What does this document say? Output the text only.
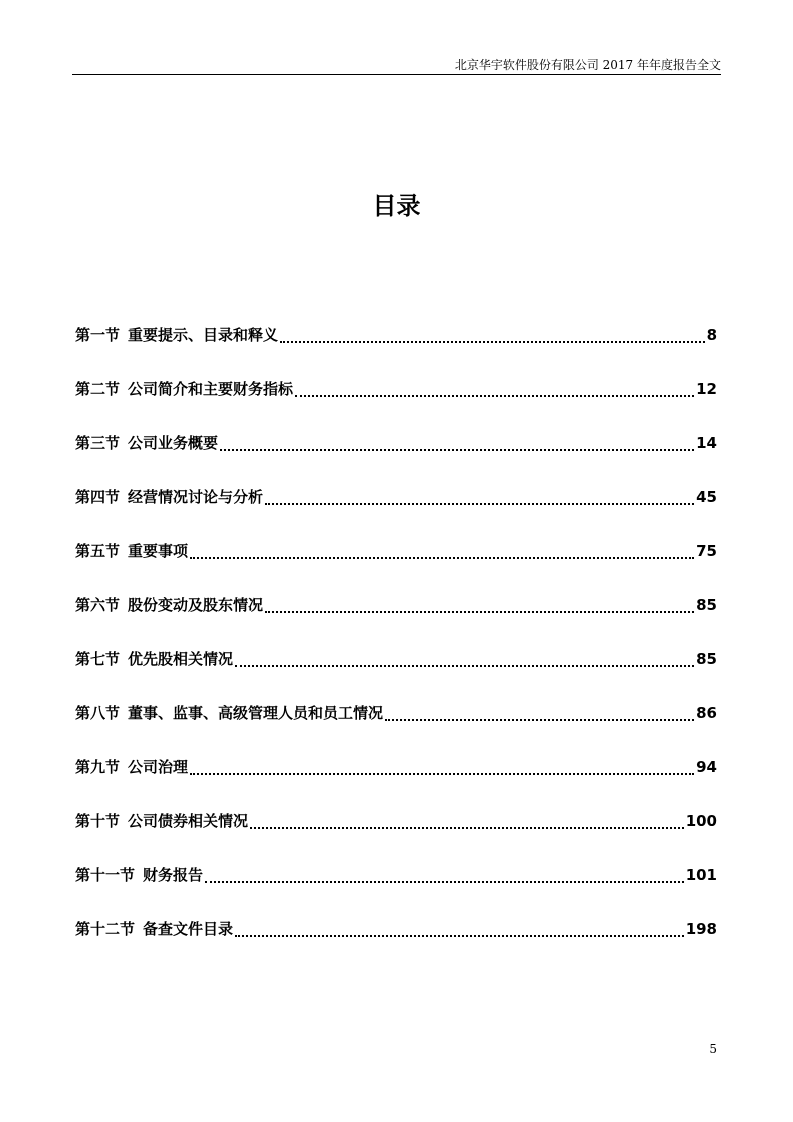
北京华宇软件股份有限公司 2017 年年度报告全文
目录
第一节 重要提示、目录和释义	8
第二节 公司简介和主要财务指标	12
第三节 公司业务概要	14
第四节 经营情况讨论与分析	45
第五节 重要事项	75
第六节 股份变动及股东情况	85
第七节 优先股相关情况	85
第八节 董事、监事、高级管理人员和员工情况	86
第九节 公司治理	94
第十节 公司债券相关情况	100
第十一节 财务报告	101
第十二节 备查文件目录	198
5
